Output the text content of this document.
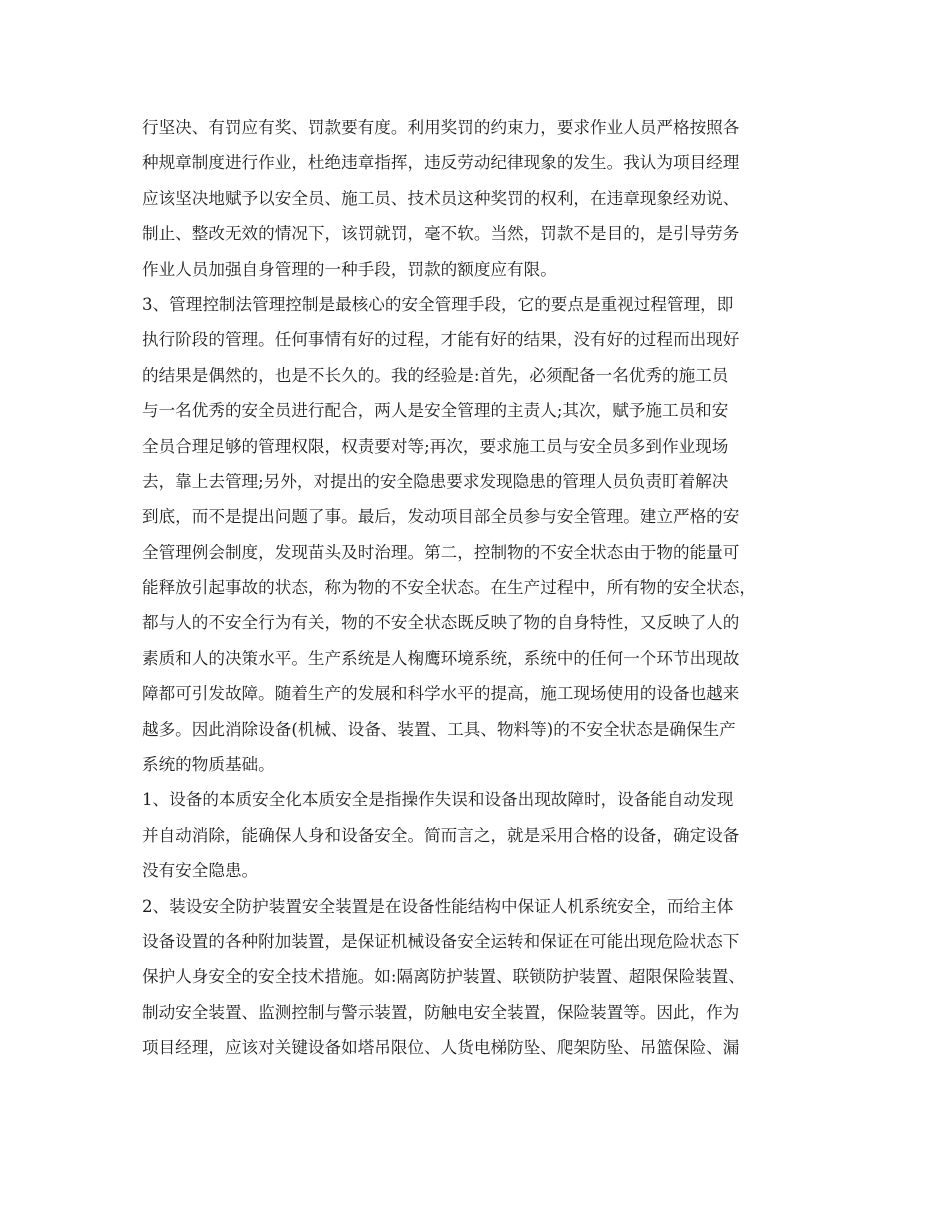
行坚决、有罚应有奖、罚款要有度。利用奖罚的约束力，要求作业人员严格按照各
种规章制度进行作业，杜绝违章指挥，违反劳动纪律现象的发生。我认为项目经理
应该坚决地赋予以安全员、施工员、技术员这种奖罚的权利，在违章现象经劝说、
制止、整改无效的情况下，该罚就罚，毫不软。当然，罚款不是目的，是引导劳务
作业人员加强自身管理的一种手段，罚款的额度应有限。
3、管理控制法管理控制是最核心的安全管理手段，它的要点是重视过程管理，即
执行阶段的管理。任何事情有好的过程，才能有好的结果，没有好的过程而出现好
的结果是偶然的，也是不长久的。我的经验是:首先，必须配备一名优秀的施工员
与一名优秀的安全员进行配合，两人是安全管理的主责人;其次，赋予施工员和安
全员合理足够的管理权限，权责要对等;再次，要求施工员与安全员多到作业现场
去，靠上去管理;另外，对提出的安全隐患要求发现隐患的管理人员负责盯着解决
到底，而不是提出问题了事。最后，发动项目部全员参与安全管理。建立严格的安
全管理例会制度，发现苗头及时治理。第二，控制物的不安全状态由于物的能量可
能释放引起事故的状态，称为物的不安全状态。在生产过程中，所有物的安全状态，
都与人的不安全行为有关，物的不安全状态既反映了物的自身特性，又反映了人的
素质和人的决策水平。生产系统是人椈鹰环境系统，系统中的任何一个环节出现故
障都可引发故障。随着生产的发展和科学水平的提高，施工现场使用的设备也越来
越多。因此消除设备(机械、设备、装置、工具、物料等)的不安全状态是确保生产
系统的物质基础。
1、设备的本质安全化本质安全是指操作失误和设备出现故障时，设备能自动发现
并自动消除，能确保人身和设备安全。简而言之，就是采用合格的设备，确定设备
没有安全隐患。
2、装设安全防护装置安全装置是在设备性能结构中保证人机系统安全，而给主体
设备设置的各种附加装置，是保证机械设备安全运转和保证在可能出现危险状态下
保护人身安全的安全技术措施。如:隔离防护装置、联锁防护装置、超限保险装置、
制动安全装置、监测控制与警示装置，防触电安全装置，保险装置等。因此，作为
项目经理，应该对关键设备如塔吊限位、人货电梯防坠、爬架防坠、吊篮保险、漏
